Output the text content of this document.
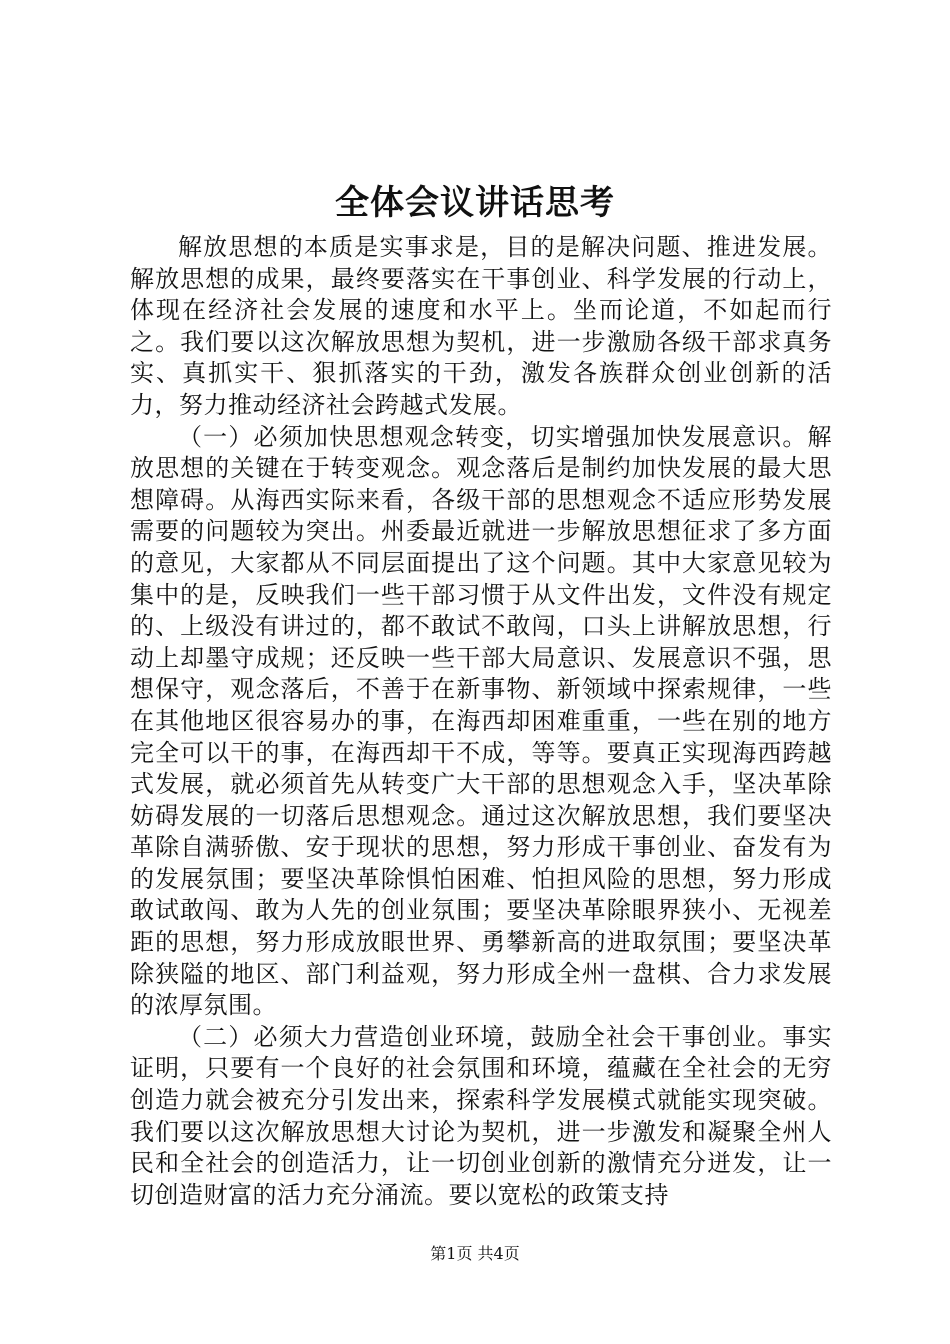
全体会议讲话思考

解放思想的本质是实事求是，目的是解决问题、推进发展。解放思想的成果，最终要落实在干事创业、科学发展的行动上，体现在经济社会发展的速度和水平上。坐而论道，不如起而行之。我们要以这次解放思想为契机，进一步激励各级干部求真务实、真抓实干、狠抓落实的干劲，激发各族群众创业创新的活力，努力推动经济社会跨越式发展。

（一）必须加快思想观念转变，切实增强加快发展意识。解放思想的关键在于转变观念。观念落后是制约加快发展的最大思想障碍。从海西实际来看，各级干部的思想观念不适应形势发展需要的问题较为突出。州委最近就进一步解放思想征求了多方面的意见，大家都从不同层面提出了这个问题。其中大家意见较为集中的是，反映我们一些干部习惯于从文件出发，文件没有规定的、上级没有讲过的，都不敢试不敢闯，口头上讲解放思想，行动上却墨守成规；还反映一些干部大局意识、发展意识不强，思想保守，观念落后，不善于在新事物、新领域中探索规律，一些在其他地区很容易办的事，在海西却困难重重，一些在别的地方完全可以干的事，在海西却干不成，等等。要真正实现海西跨越式发展，就必须首先从转变广大干部的思想观念入手，坚决革除妨碍发展的一切落后思想观念。通过这次解放思想，我们要坚决革除自满骄傲、安于现状的思想，努力形成干事创业、奋发有为的发展氛围；要坚决革除惧怕困难、怕担风险的思想，努力形成敢试敢闯、敢为人先的创业氛围；要坚决革除眼界狭小、无视差距的思想，努力形成放眼世界、勇攀新高的进取氛围；要坚决革除狭隘的地区、部门利益观，努力形成全州一盘棋、合力求发展的浓厚氛围。

（二）必须大力营造创业环境，鼓励全社会干事创业。事实证明，只要有一个良好的社会氛围和环境，蕴藏在全社会的无穷创造力就会被充分引发出来，探索科学发展模式就能实现突破。我们要以这次解放思想大讨论为契机，进一步激发和凝聚全州人民和全社会的创造活力，让一切创业创新的激情充分迸发，让一切创造财富的活力充分涌流。要以宽松的政策支持

第1页 共4页
